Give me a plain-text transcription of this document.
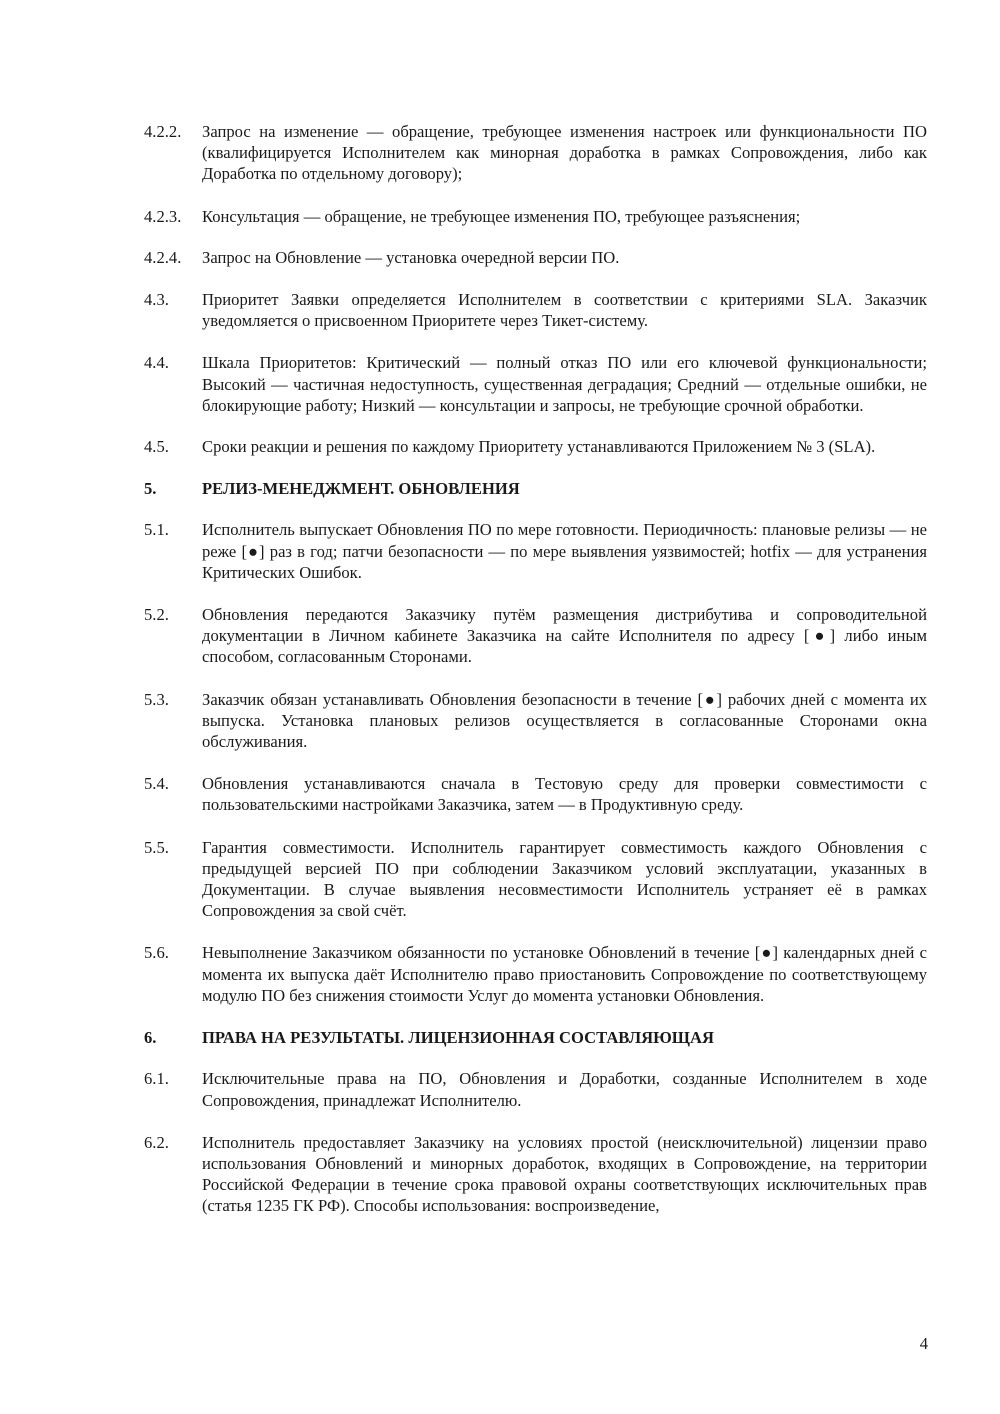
4.2.2.	Запрос на изменение — обращение, требующее изменения настроек или функциональности ПО (квалифицируется Исполнителем как минорная доработка в рамках Сопровождения, либо как Доработка по отдельному договору);
4.2.3.	Консультация — обращение, не требующее изменения ПО, требующее разъяснения;
4.2.4.	Запрос на Обновление — установка очередной версии ПО.
4.3.	Приоритет Заявки определяется Исполнителем в соответствии с критериями SLA. Заказчик уведомляется о присвоенном Приоритете через Тикет-систему.
4.4.	Шкала Приоритетов: Критический — полный отказ ПО или его ключевой функциональности; Высокий — частичная недоступность, существенная деградация; Средний — отдельные ошибки, не блокирующие работу; Низкий — консультации и запросы, не требующие срочной обработки.
4.5.	Сроки реакции и решения по каждому Приоритету устанавливаются Приложением № 3 (SLA).
5.	РЕЛИЗ-МЕНЕДЖМЕНТ. ОБНОВЛЕНИЯ
5.1.	Исполнитель выпускает Обновления ПО по мере готовности. Периодичность: плановые релизы — не реже [●] раз в год; патчи безопасности — по мере выявления уязвимостей; hotfix — для устранения Критических Ошибок.
5.2.	Обновления передаются Заказчику путём размещения дистрибутива и сопроводительной документации в Личном кабинете Заказчика на сайте Исполнителя по адресу [●] либо иным способом, согласованным Сторонами.
5.3.	Заказчик обязан устанавливать Обновления безопасности в течение [●] рабочих дней с момента их выпуска. Установка плановых релизов осуществляется в согласованные Сторонами окна обслуживания.
5.4.	Обновления устанавливаются сначала в Тестовую среду для проверки совместимости с пользовательскими настройками Заказчика, затем — в Продуктивную среду.
5.5.	Гарантия совместимости. Исполнитель гарантирует совместимость каждого Обновления с предыдущей версией ПО при соблюдении Заказчиком условий эксплуатации, указанных в Документации. В случае выявления несовместимости Исполнитель устраняет её в рамках Сопровождения за свой счёт.
5.6.	Невыполнение Заказчиком обязанности по установке Обновлений в течение [●] календарных дней с момента их выпуска даёт Исполнителю право приостановить Сопровождение по соответствующему модулю ПО без снижения стоимости Услуг до момента установки Обновления.
6.	ПРАВА НА РЕЗУЛЬТАТЫ. ЛИЦЕНЗИОННАЯ СОСТАВЛЯЮЩАЯ
6.1.	Исключительные права на ПО, Обновления и Доработки, созданные Исполнителем в ходе Сопровождения, принадлежат Исполнителю.
6.2.	Исполнитель предоставляет Заказчику на условиях простой (неисключительной) лицензии право использования Обновлений и минорных доработок, входящих в Сопровождение, на территории Российской Федерации в течение срока правовой охраны соответствующих исключительных прав (статья 1235 ГК РФ). Способы использования: воспроизведение,
4
